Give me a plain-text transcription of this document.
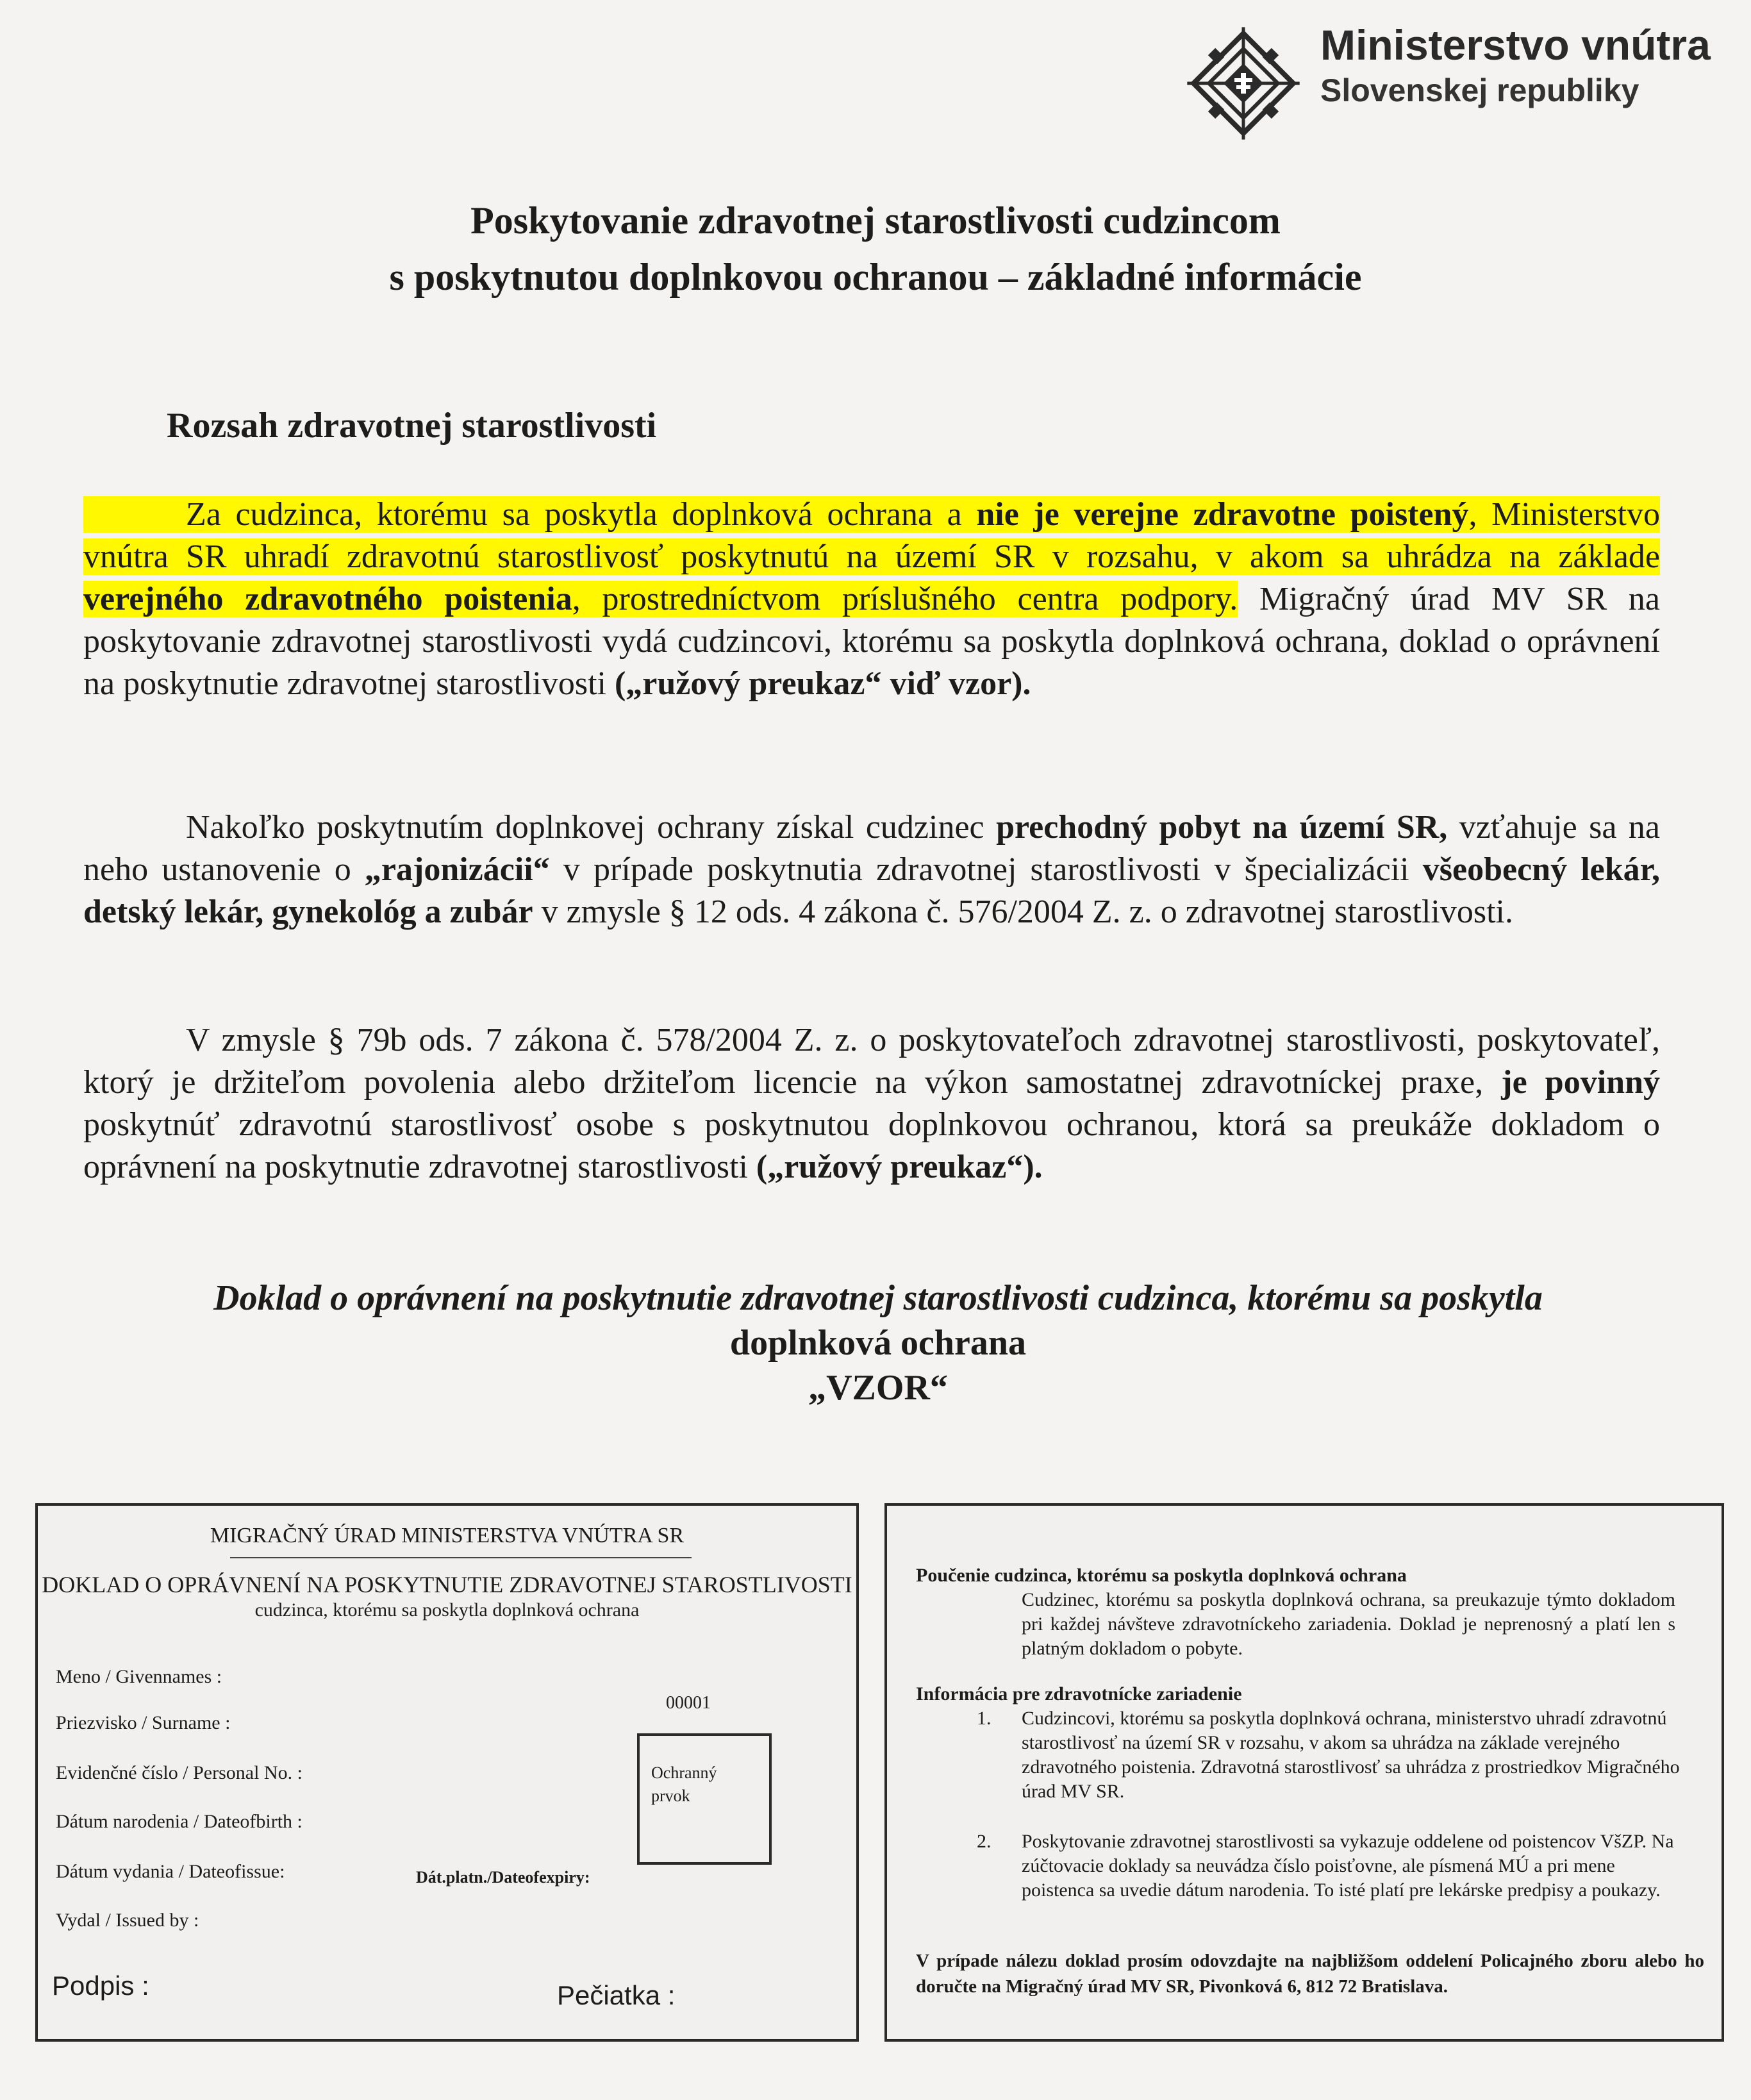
Ministerstvo vnútra
Slovenskej republiky
Poskytovanie zdravotnej starostlivosti cudzincom
s poskytnutou doplnkovou ochranou – základné informácie
Rozsah zdravotnej starostlivosti
Za cudzinca, ktorému sa poskytla doplnková ochrana a nie je verejne zdravotne poistený, Ministerstvo vnútra SR uhradí zdravotnú starostlivosť poskytnutú na území SR v rozsahu, v akom sa uhrádza na základe verejného zdravotného poistenia, prostredníctvom príslušného centra podpory. Migračný úrad MV SR na poskytovanie zdravotnej starostlivosti vydá cudzincovi, ktorému sa poskytla doplnková ochrana, doklad o oprávnení na poskytnutie zdravotnej starostlivosti („ružový preukaz“ viď vzor).
Nakoľko poskytnutím doplnkovej ochrany získal cudzinec prechodný pobyt na území SR, vzťahuje sa na neho ustanovenie o „rajonizácii“ v prípade poskytnutia zdravotnej starostlivosti v špecializácii všeobecný lekár, detský lekár, gynekológ a zubár v zmysle § 12 ods. 4 zákona č. 576/2004 Z. z. o zdravotnej starostlivosti.
V zmysle § 79b ods. 7 zákona č. 578/2004 Z. z. o poskytovateľoch zdravotnej starostlivosti, poskytovateľ, ktorý je držiteľom povolenia alebo držiteľom licencie na výkon samostatnej zdravotníckej praxe, je povinný poskytnúť zdravotnú starostlivosť osobe s poskytnutou doplnkovou ochranou, ktorá sa preukáže dokladom o oprávnení na poskytnutie zdravotnej starostlivosti („ružový preukaz“).
Doklad o oprávnení na poskytnutie zdravotnej starostlivosti cudzinca, ktorému sa poskytla
doplnková ochrana
„VZOR“
MIGRAČNÝ ÚRAD MINISTERSTVA VNÚTRA SR
DOKLAD O OPRÁVNENÍ NA POSKYTNUTIE ZDRAVOTNEJ STAROSTLIVOSTI
cudzinca, ktorému sa poskytla doplnková ochrana
Meno / Givennames :
Priezvisko / Surname :
Evidenčné číslo / Personal No. :
Dátum narodenia / Dateofbirth :
Dátum vydania / Dateofissue:
Vydal / Issued by :
Dát.platn./Dateofexpiry:
00001
Ochranný
prvok
Podpis :	Pečiatka :
Poučenie cudzinca, ktorému sa poskytla doplnková ochrana
Cudzinec, ktorému sa poskytla doplnková ochrana, sa preukazuje týmto dokladom pri každej návšteve zdravotníckeho zariadenia. Doklad je neprenosný a platí len s platným dokladom o pobyte.
Informácia pre zdravotnícke zariadenie
1. Cudzincovi, ktorému sa poskytla doplnková ochrana, ministerstvo uhradí zdravotnú starostlivosť na území SR v rozsahu, v akom sa uhrádza na základe verejného zdravotného poistenia. Zdravotná starostlivosť sa uhrádza z prostriedkov Migračného úrad MV SR.
2. Poskytovanie zdravotnej starostlivosti sa vykazuje oddelene od poistencov VšZP. Na zúčtovacie doklady sa neuvádza číslo poisťovne, ale písmená MÚ a pri mene poistenca sa uvedie dátum narodenia. To isté platí pre lekárske predpisy a poukazy.
V prípade nálezu doklad prosím odovzdajte na najbližšom oddelení Policajného zboru alebo ho doručte na Migračný úrad MV SR, Pivonková 6, 812 72 Bratislava.
